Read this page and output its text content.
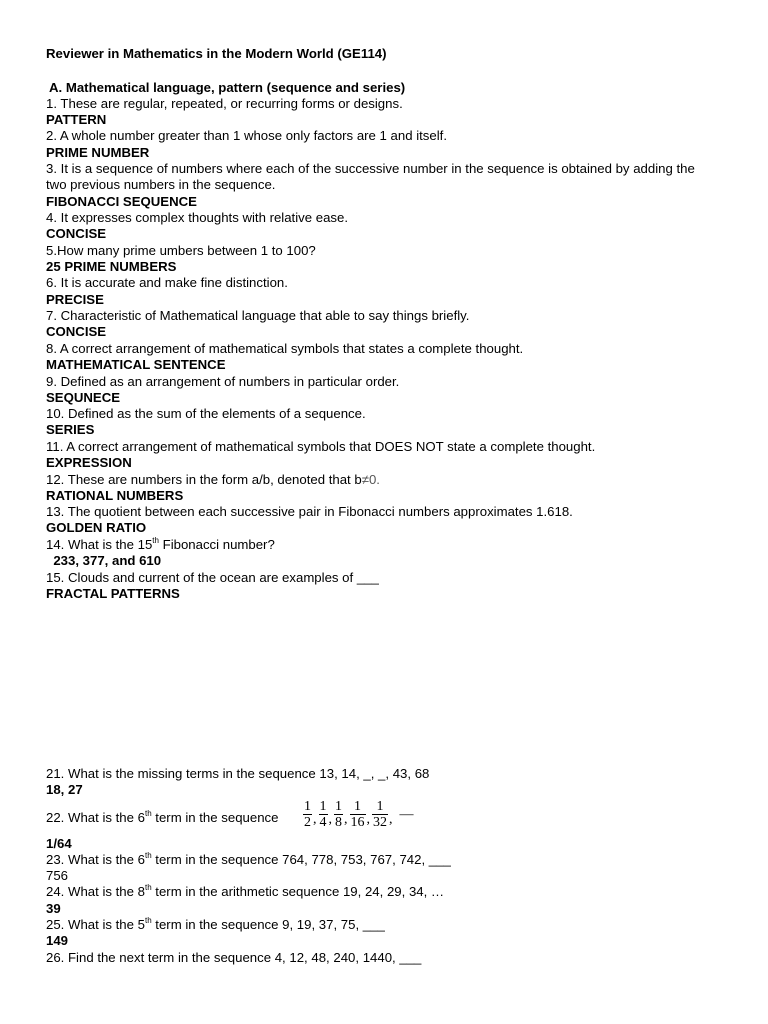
Reviewer in Mathematics in the Modern World (GE114)
A. Mathematical language, pattern (sequence and series)
1. These are regular, repeated, or recurring forms or designs.
PATTERN
2. A whole number greater than 1 whose only factors are 1 and itself.
PRIME NUMBER
3. It is a sequence of numbers where each of the successive number in the sequence is obtained by adding the two previous numbers in the sequence.
FIBONACCI SEQUENCE
4. It expresses complex thoughts with relative ease.
CONCISE
5.How many prime umbers between 1 to 100?
25 PRIME NUMBERS
6. It is accurate and make fine distinction.
PRECISE
7. Characteristic of Mathematical language that able to say things briefly.
CONCISE
8. A correct arrangement of mathematical symbols that states a complete thought.
MATHEMATICAL SENTENCE
9. Defined as an arrangement of numbers in particular order.
SEQUNECE
10. Defined as the sum of the elements of a sequence.
SERIES
11. A correct arrangement of mathematical symbols that DOES NOT state a complete thought.
EXPRESSION
12. These are numbers in the form a/b, denoted that b≠0.
RATIONAL NUMBERS
13. The quotient between each successive pair in Fibonacci numbers approximates 1.618.
GOLDEN RATIO
14. What is the 15th Fibonacci number?
233, 377, and 610
15. Clouds and current of the ocean are examples of ___
FRACTAL PATTERNS
21. What is the missing terms in the sequence 13, 14, _, _, 43, 68
18, 27
22. What is the 6th term in the sequence $\frac{1}{2}$ , $\frac{1}{4}$ , $\frac{1}{8}$ , $\frac{1}{16}$ , $\frac{1}{32}$ , —
1/64
23. What is the 6th term in the sequence 764, 778, 753, 767, 742, ___
756
24. What is the 8th term in the arithmetic sequence 19, 24, 29, 34, …
39
25. What is the 5th term in the sequence 9, 19, 37, 75, ___
149
26. Find the next term in the sequence 4, 12, 48, 240, 1440, ___
